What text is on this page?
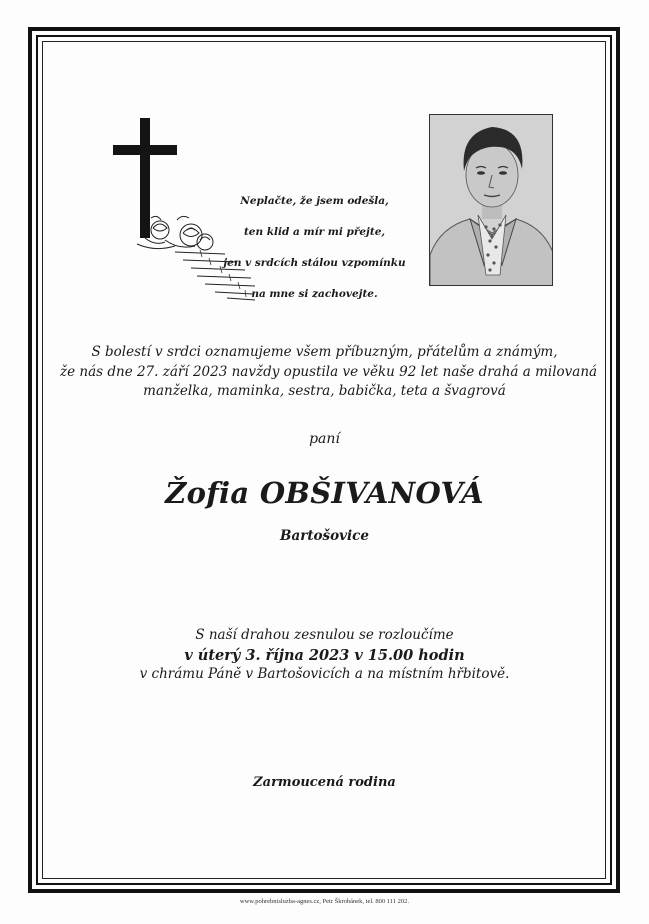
Neplačte, že jsem odešla,

ten klid a mír mi přejte,

jen v srdcích stálou vzpomínku

na mne si zachovejte.

S bolestí v srdci oznamujeme všem příbuzným, přátelům a známým,
že nás dne 27. září 2023 navždy opustila ve věku 92 let naše drahá a milovaná
manželka, maminka, sestra, babička, teta a švagrová
paní
Žofia OBŠIVANOVÁ
Bartošovice
S naší drahou zesnulou se rozloučíme
v úterý 3. října 2023 v 15.00 hodin
v chrámu Páně v Bartošovicích a na místním hřbitově.
Zarmoucená rodina
www.pohrebnisluzba-agnes.cz, Petr Škrobánek, tel. 800 111 202.
